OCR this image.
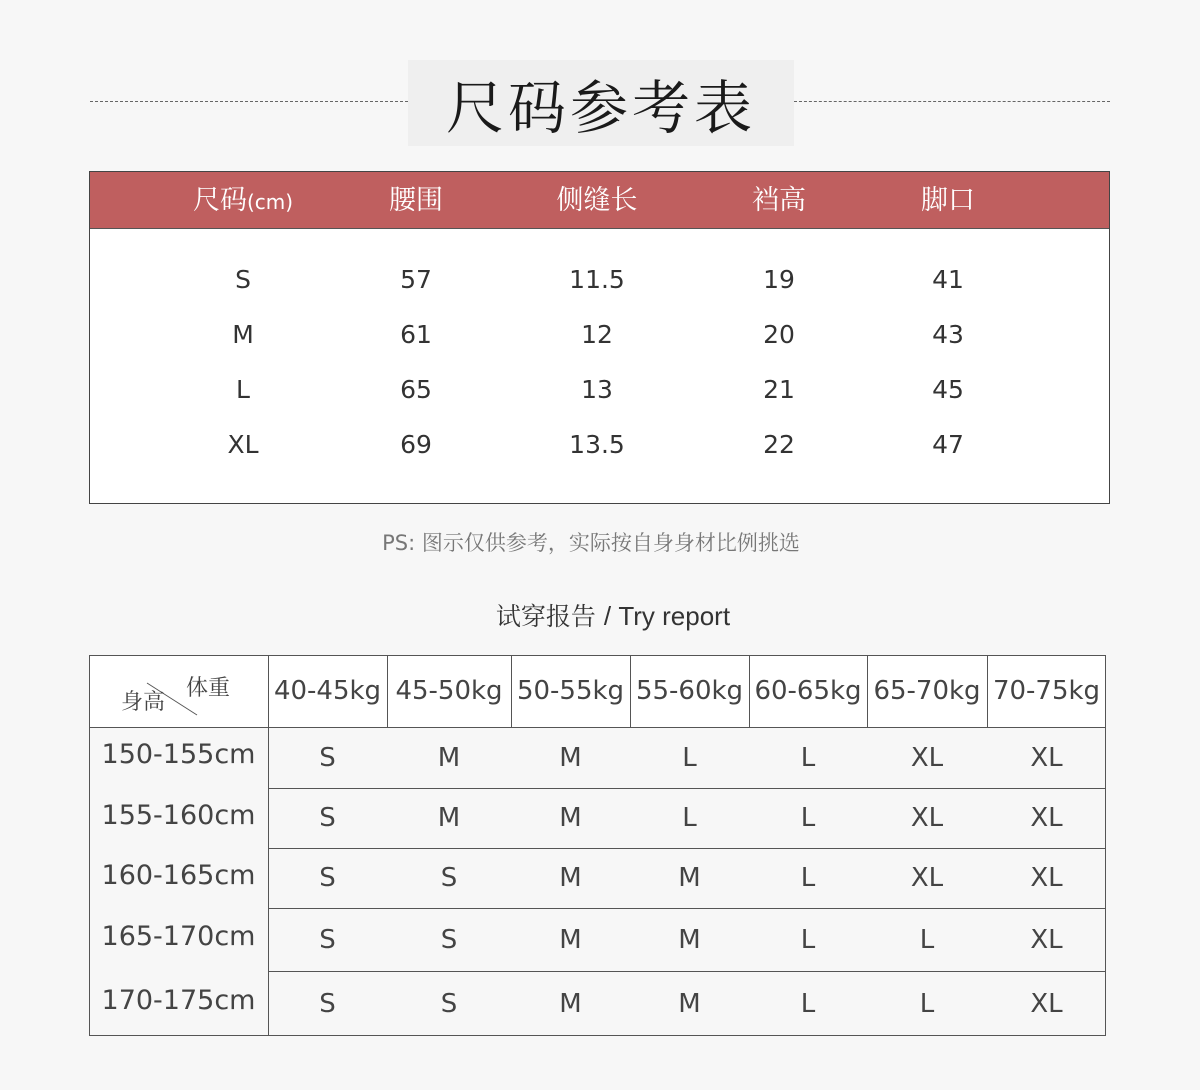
尺码参考表
尺码(cm)	腰围	侧缝长	裆高	脚口
S	57	11.5	19	41
M	61	12	20	43
L	65	13	21	45
XL	69	13.5	22	47
PS: 图示仅供参考，实际按自身身材比例挑选
试穿报告 / Try report
身高
体重 40-45kg 45-50kg 50-55kg 55-60kg 60-65kg 65-70kg 70-75kg
150-155cm	S	M	M	L	L	XL	XL
155-160cm	S	M	M	L	L	XL	XL
160-165cm	S	S	M	M	L	XL	XL
165-170cm	S	S	M	M	L	L	XL
170-175cm	S	S	M	M	L	L	XL
